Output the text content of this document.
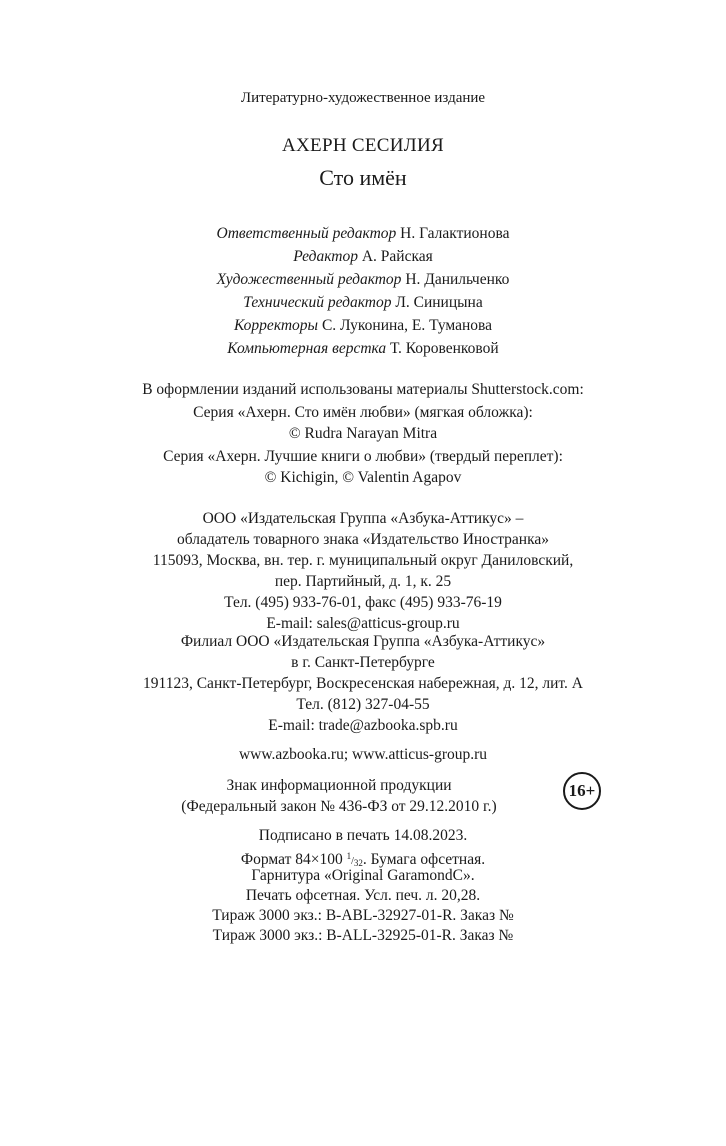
Литературно-художественное издание
АХЕРН СЕСИЛИЯ
Сто имён
Ответственный редактор Н. Галактионова
Редактор А. Райская
Художественный редактор Н. Данильченко
Технический редактор Л. Синицына
Корректоры С. Луконина, Е. Туманова
Компьютерная верстка Т. Коровенковой
В оформлении изданий использованы материалы Shutterstock.com:
Серия «Ахерн. Сто имён любви» (мягкая обложка):
© Rudra Narayan Mitra
Серия «Ахерн. Лучшие книги о любви» (твердый переплет):
© Kichigin, © Valentin Agapov
ООО «Издательская Группа «Азбука-Аттикус» –
обладатель товарного знака «Издательство Иностранка»
115093, Москва, вн. тер. г. муниципальный округ Даниловский,
пер. Партийный, д. 1, к. 25
Тел. (495) 933-76-01, факс (495) 933-76-19
E-mail: sales@atticus-group.ru
Филиал ООО «Издательская Группа «Азбука-Аттикус»
в г. Санкт-Петербурге
191123, Санкт-Петербург, Воскресенская набережная, д. 12, лит. А
Тел. (812) 327-04-55
E-mail: trade@azbooka.spb.ru
www.azbooka.ru; www.atticus-group.ru
Знак информационной продукции
(Федеральный закон № 436-ФЗ от 29.12.2010 г.)
16+
Подписано в печать 14.08.2023.
Формат 84×100 $^1/_{32}$. Бумага офсетная.
Гарнитура «Original GaramondC».
Печать офсетная. Усл. печ. л. 20,28.
Тираж 3000 экз.: B-ABL-32927-01-R. Заказ №
Тираж 3000 экз.: B-ALL-32925-01-R. Заказ №
